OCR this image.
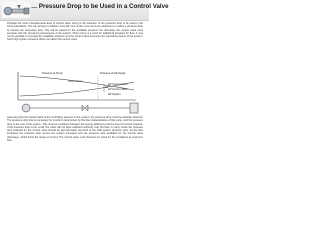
… Pressure Drop to be Used in a Control Valve
Perhaps the most misunderstood area of control valve sizing is the selection of the pressure drop to be used in the sizing calculation. The top (arrow) in relation to the ΔP. One of the most common practices is to select a pressure drop to provide the necessary flow. This will be based on the available pressure but ultimately the control valve must compete with the remaining components of the system. When there is a need for additional pressure for flow, it may not be possible to increase the available pressure and the control valve becomes the controlling device of the system. Such high system pressure drops can affect the control valve.
Pressure at Pump	Pressure at Discharge
Pump Curve
ΔP
ΔP Control Valve
ΔP Control Valve
ΔP System
Assuming that the control valve is the controlling element in the system, the pressure drop must be carefully selected. The pressure drop that is necessary for control is determined by the flow characteristics of the pump, and the pressure drop in the rest of the system. This must be a balance between the energy efficiency and the level of control required. If the pressure drop is too small, the valve will not have sufficient authority over the flow. In many cases the pressure drop selected for the control valve should be approximately one-third of the total system pressure drop. As the flow increases the pressure drop across the system increases and the pressure drop available for the control valve decreases, which limits the range of control. The control valve must therefore be sized for the conditions at maximum flow.
